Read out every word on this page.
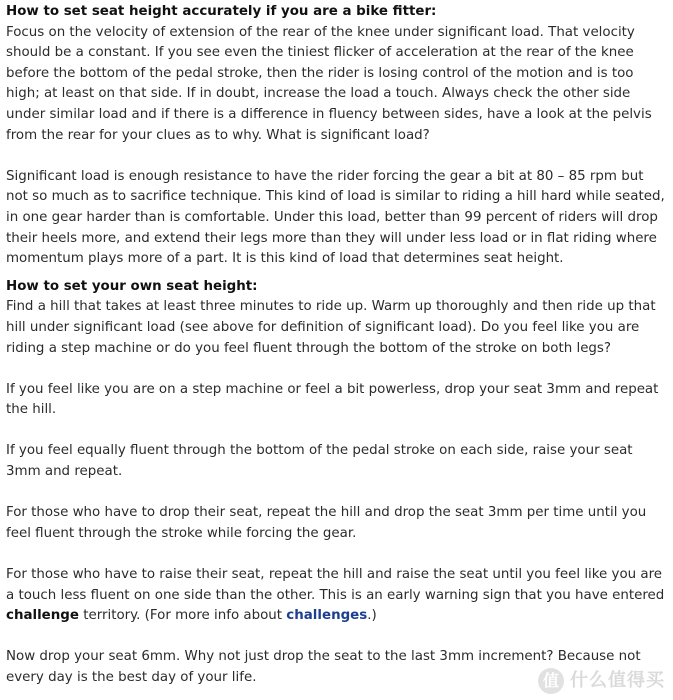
How to set seat height accurately if you are a bike fitter:

Focus on the velocity of extension of the rear of the knee under significant load. That velocity should be a constant. If you see even the tiniest flicker of acceleration at the rear of the knee before the bottom of the pedal stroke, then the rider is losing control of the motion and is too high; at least on that side. If in doubt, increase the load a touch. Always check the other side under similar load and if there is a difference in fluency between sides, have a look at the pelvis from the rear for your clues as to why. What is significant load?

Significant load is enough resistance to have the rider forcing the gear a bit at 80 – 85 rpm but not so much as to sacrifice technique. This kind of load is similar to riding a hill hard while seated, in one gear harder than is comfortable. Under this load, better than 99 percent of riders will drop their heels more, and extend their legs more than they will under less load or in flat riding where momentum plays more of a part. It is this kind of load that determines seat height.

How to set your own seat height:

Find a hill that takes at least three minutes to ride up. Warm up thoroughly and then ride up that hill under significant load (see above for definition of significant load). Do you feel like you are riding a step machine or do you feel fluent through the bottom of the stroke on both legs?

If you feel like you are on a step machine or feel a bit powerless, drop your seat 3mm and repeat the hill.

If you feel equally fluent through the bottom of the pedal stroke on each side, raise your seat 3mm and repeat.

For those who have to drop their seat, repeat the hill and drop the seat 3mm per time until you feel fluent through the stroke while forcing the gear.

For those who have to raise their seat, repeat the hill and raise the seat until you feel like you are a touch less fluent on one side than the other. This is an early warning sign that you have entered challenge territory. (For more info about challenges.)

Now drop your seat 6mm. Why not just drop the seat to the last 3mm increment? Because not every day is the best day of your life.	值 什么值得买
